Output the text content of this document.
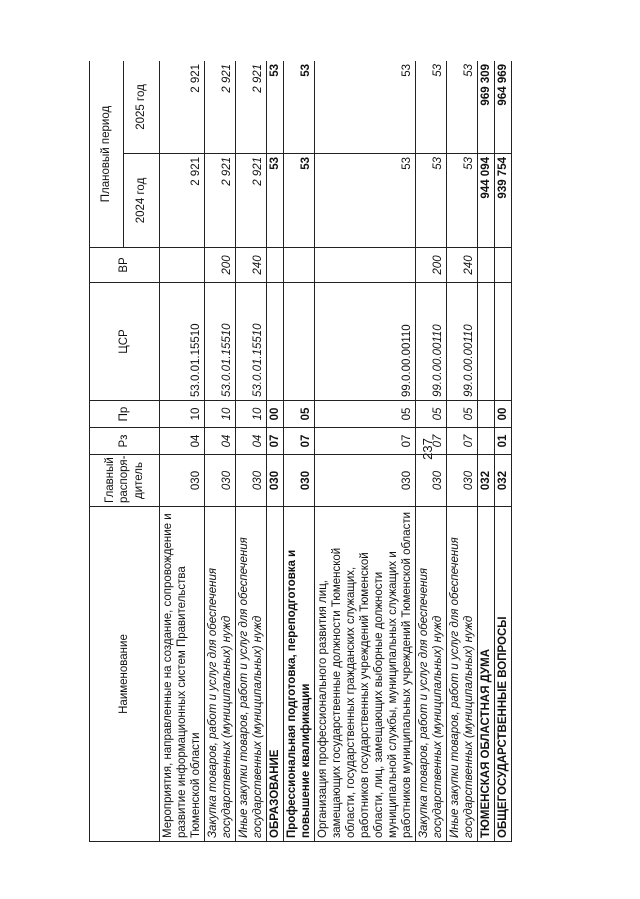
237
Наименование	Главный распоря-дитель	Рз	Пр	ЦСР	ВР	Плановый период	
						2024 год	2025 год
Мероприятия, направленные на создание, сопровождение и развитие информационных систем Правительства Тюменской области	030	04	10	53.0.01.15510		2 921	2 921
Закупка товаров, работ и услуг для обеспечения государственных (муниципальных) нужд	030	04	10	53.0.01.15510	200	2 921	2 921
Иные закупки товаров, работ и услуг для обеспечения государственных (муниципальных) нужд	030	04	10	53.0.01.15510	240	2 921	2 921
ОБРАЗОВАНИЕ	030	07	00			53	53
Профессиональная подготовка, переподготовка и повышение квалификации	030	07	05			53	53
Организация профессионального развития лиц, замещающих государственные должности Тюменской области, государственных гражданских служащих, работников государственных учреждений Тюменской области, лиц, замещающих выборные должности муниципальной службы, муниципальных служащих и работников муниципальных учреждений Тюменской области	030	07	05	99.0.00.00110		53	53
Закупка товаров, работ и услуг для обеспечения государственных (муниципальных) нужд	030	07	05	99.0.00.00110	200	53	53
Иные закупки товаров, работ и услуг для обеспечения государственных (муниципальных) нужд	030	07	05	99.0.00.00110	240	53	53
ТЮМЕНСКАЯ ОБЛАСТНАЯ ДУМА	032					944 094	969 309
ОБЩЕГОСУДАРСТВЕННЫЕ ВОПРОСЫ	032	01	00			939 754	964 969
